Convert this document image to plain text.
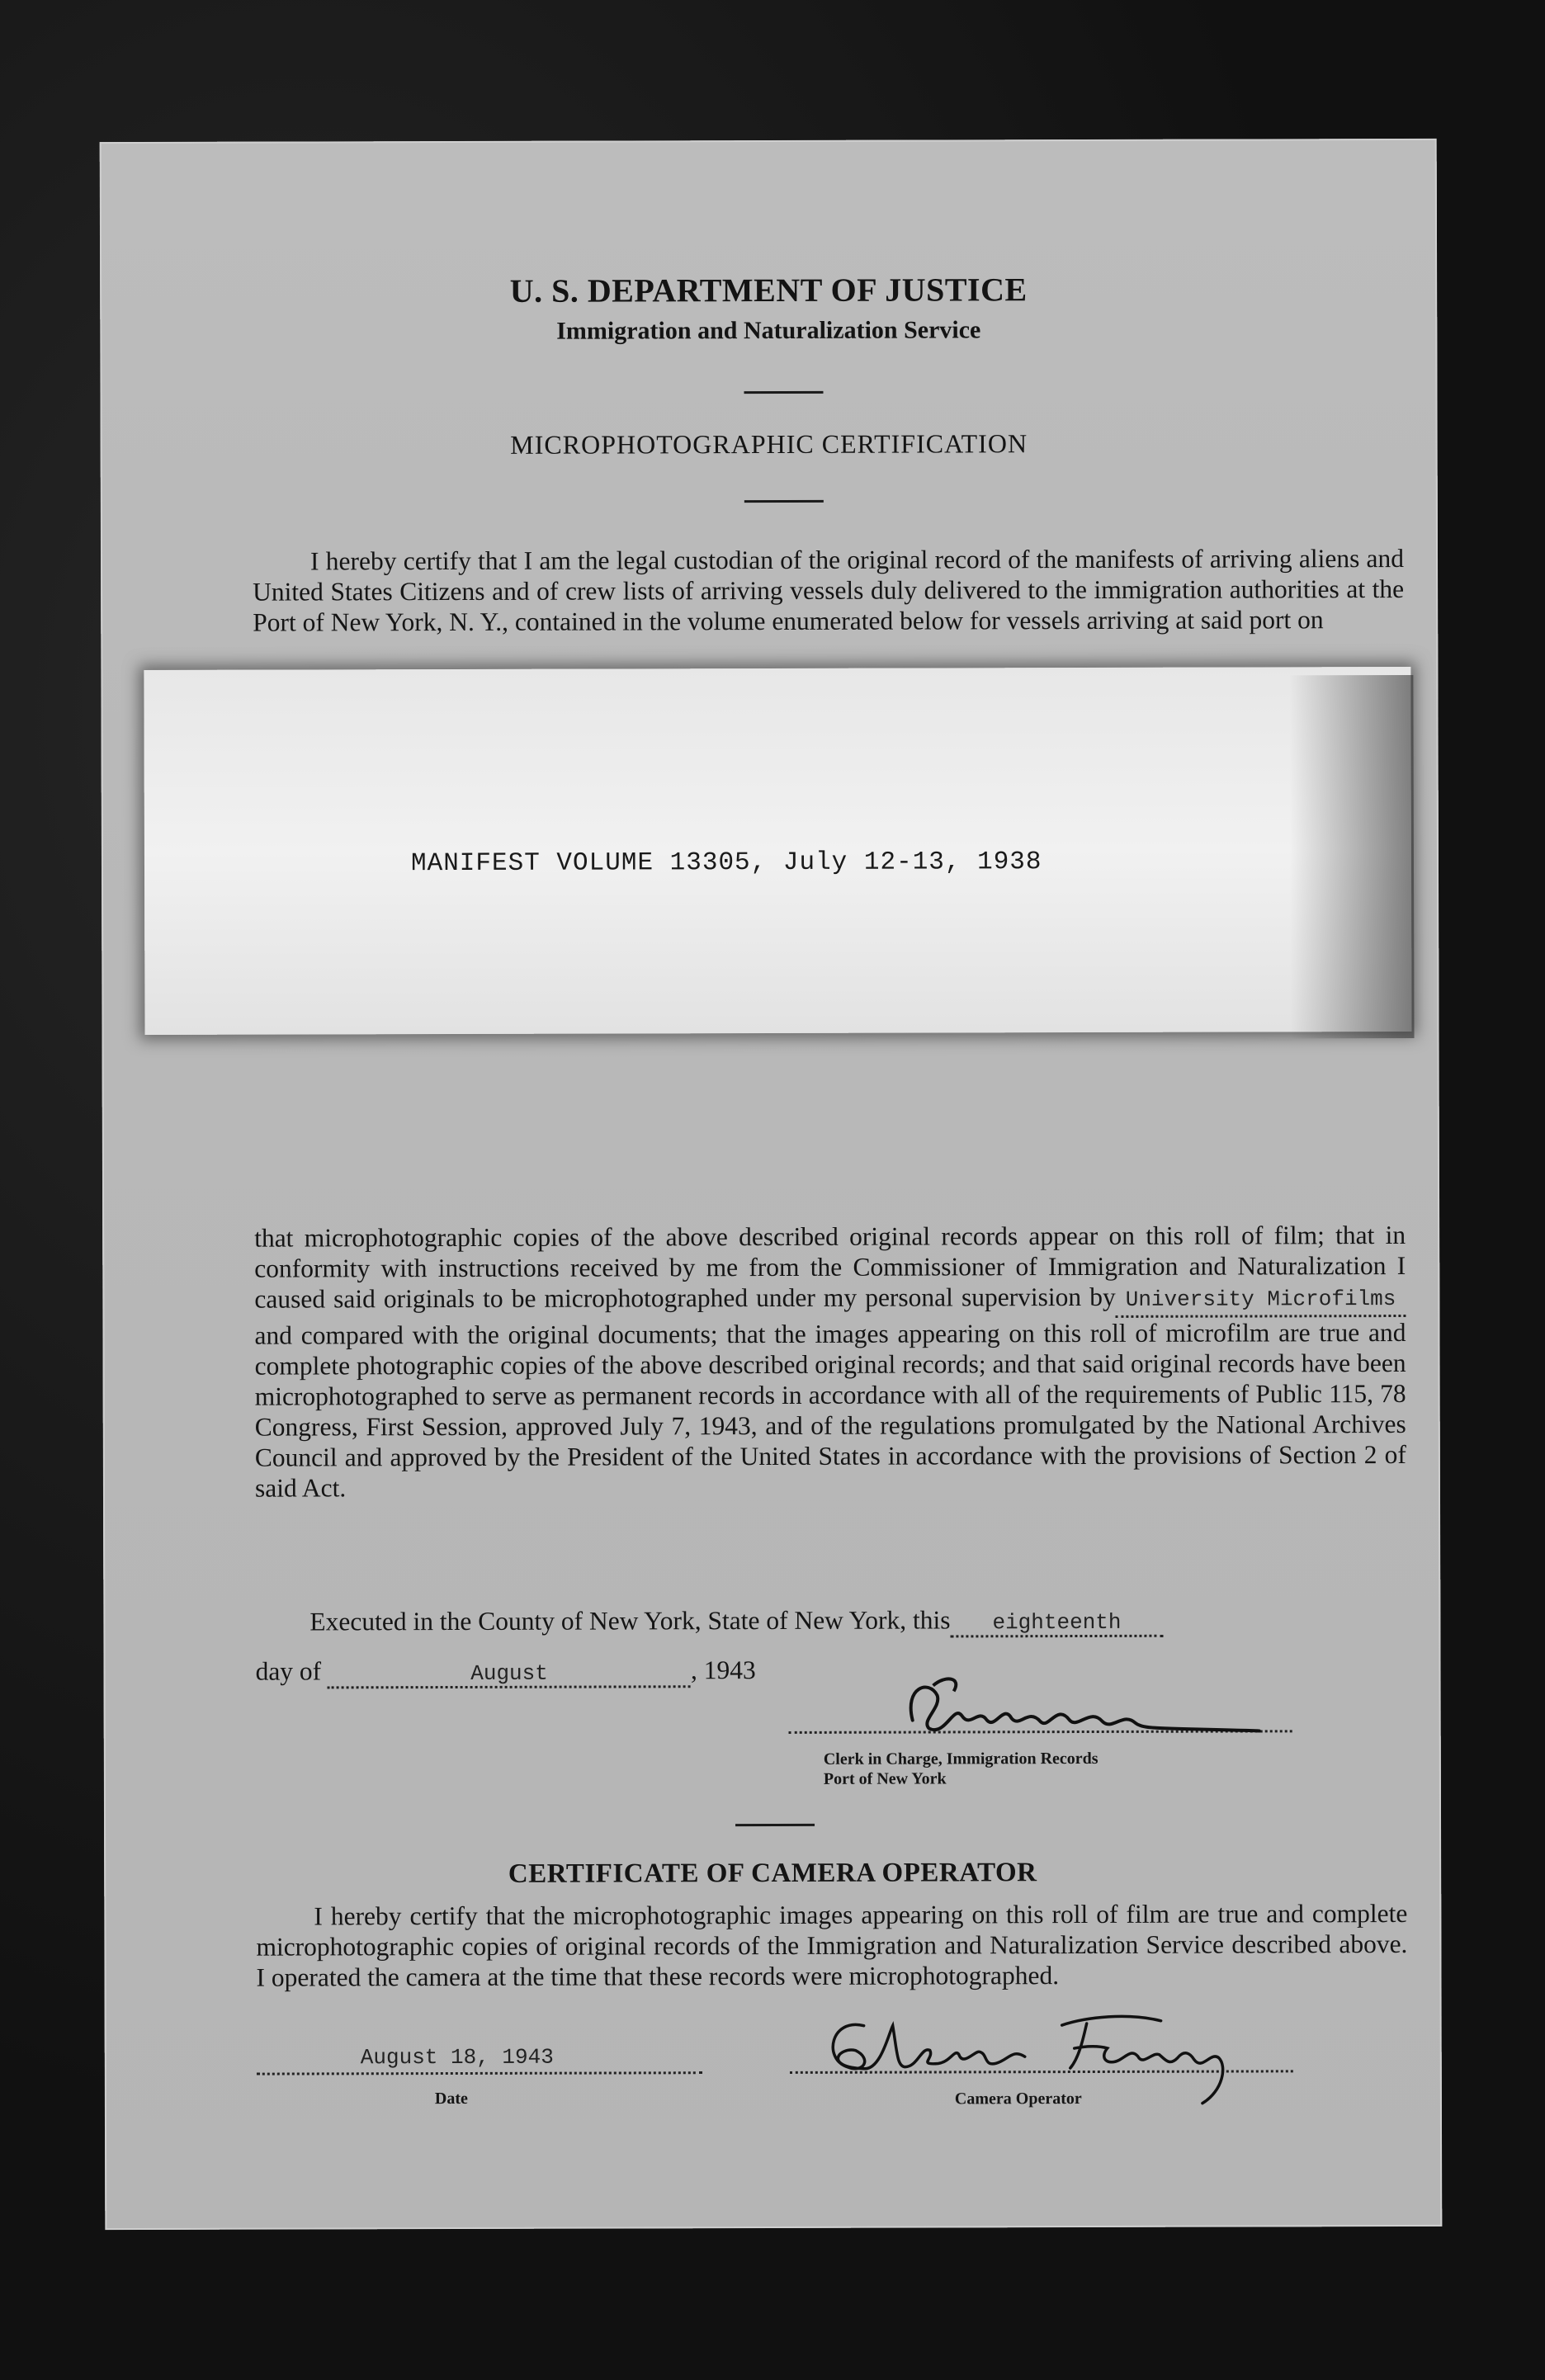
U. S. DEPARTMENT OF JUSTICE
Immigration and Naturalization Service
MICROPHOTOGRAPHIC CERTIFICATION
I hereby certify that I am the legal custodian of the original record of the manifests of arriving aliens and United States Citizens and of crew lists of arriving vessels duly delivered to the immigration authorities at the Port of New York, N. Y., contained in the volume enumerated below for vessels arriving at said port on
MANIFEST VOLUME 13305, July 12-13, 1938
that microphotographic copies of the above described original records appear on this roll of film; that in conformity with instructions received by me from the Commissioner of Immigration and Naturalization I caused said originals to be microphotographed under my personal supervision by University Microfilms and compared with the original documents; that the images appearing on this roll of microfilm are true and complete photographic copies of the above described original records; and that said original records have been microphotographed to serve as permanent records in accordance with all of the requirements of Public 115, 78 Congress, First Session, approved July 7, 1943, and of the regulations promulgated by the National Archives Council and approved by the President of the United States in accordance with the provisions of Section 2 of said Act.
Executed in the County of New York, State of New York, this eighteenth
day of	August	, 1943
Clerk in Charge, Immigration Records
Port of New York
CERTIFICATE OF CAMERA OPERATOR
I hereby certify that the microphotographic images appearing on this roll of film are true and complete microphotographic copies of original records of the Immigration and Naturalization Service described above. I operated the camera at the time that these records were microphotographed.
August 18, 1943
Date	Camera Operator
